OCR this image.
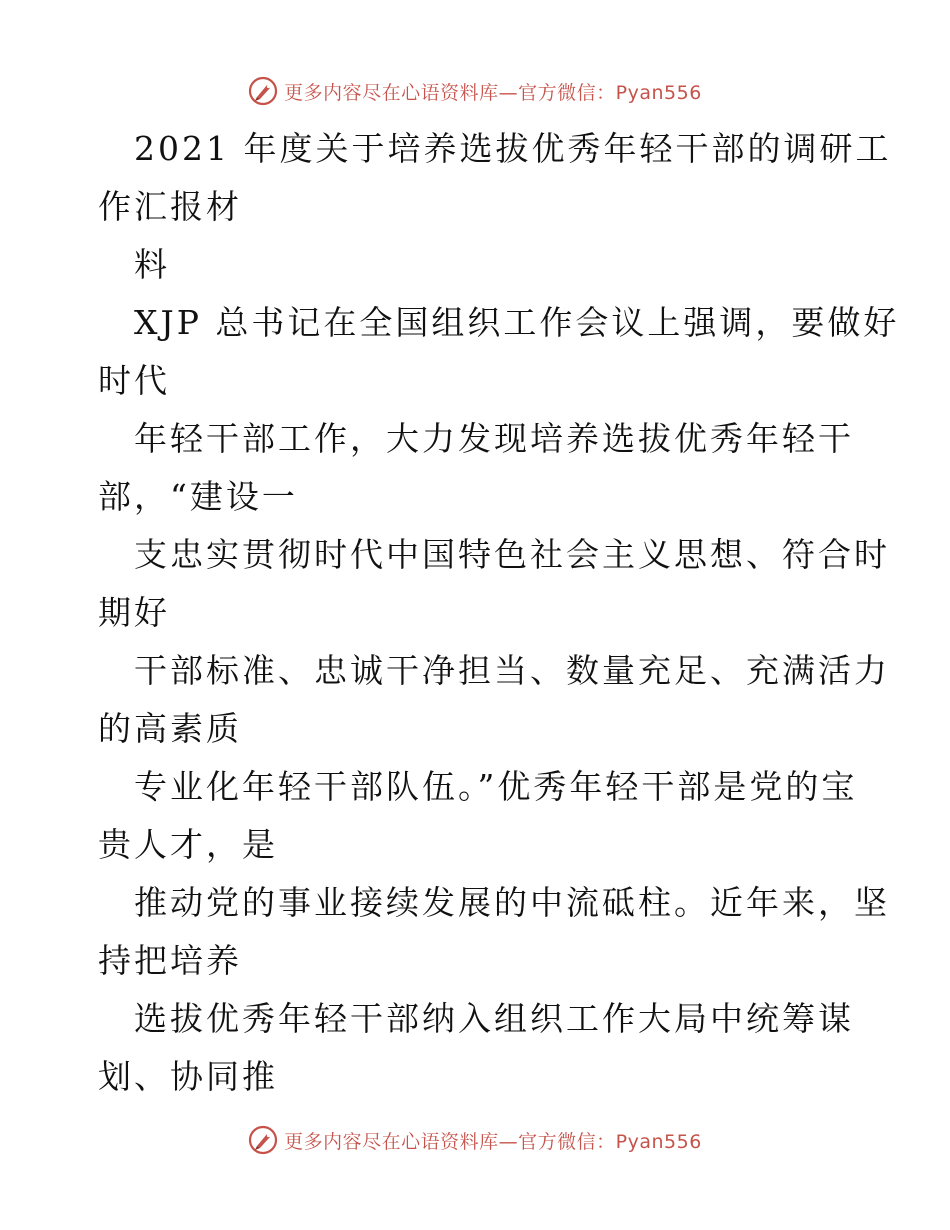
更多内容尽在心语资料库—官方微信：Pyan556

2021 年度关于培养选拔优秀年轻干部的调研工
作汇报材

料

XJP 总书记在全国组织工作会议上强调，要做好
时代

年轻干部工作，大力发现培养选拔优秀年轻干
部，“建设一

支忠实贯彻时代中国特色社会主义思想、符合时
期好

干部标准、忠诚干净担当、数量充足、充满活力
的高素质

专业化年轻干部队伍。”优秀年轻干部是党的宝
贵人才，是

推动党的事业接续发展的中流砥柱。近年来，坚
持把培养

选拔优秀年轻干部纳入组织工作大局中统筹谋
划、协同推

更多内容尽在心语资料库—官方微信：Pyan556
